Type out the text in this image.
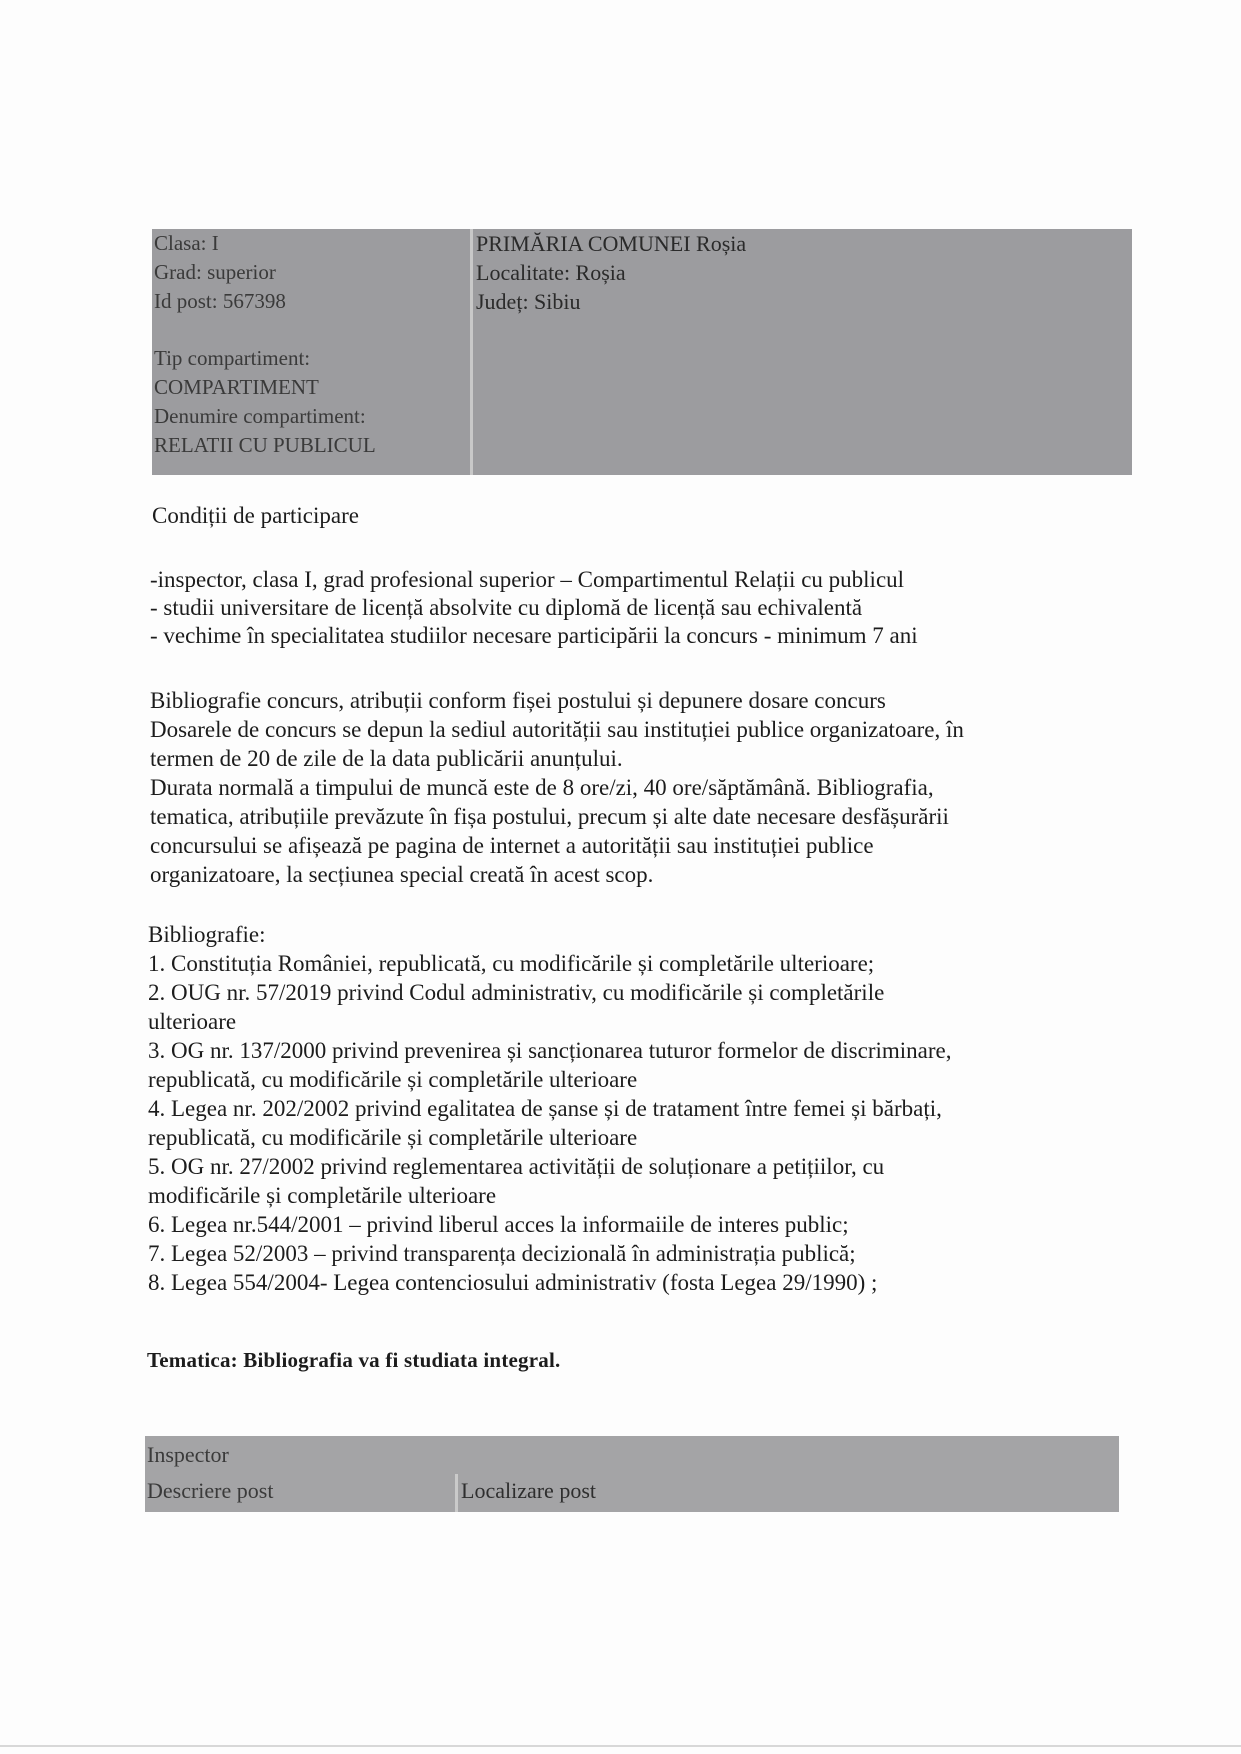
Clasa: I
Grad: superior
Id post: 567398
Tip compartiment:
COMPARTIMENT
Denumire compartiment:
RELATII CU PUBLICUL
PRIMĂRIA COMUNEI Roșia
Localitate: Roșia
Județ: Sibiu
Condiții de participare
-inspector, clasa I, grad profesional superior – Compartimentul Relații cu publicul
- studii universitare de licență absolvite cu diplomă de licență sau echivalentă
- vechime în specialitatea studiilor necesare participării la concurs - minimum 7 ani
Bibliografie concurs, atribuții conform fișei postului și depunere dosare concurs
Dosarele de concurs se depun la sediul autorității sau instituției publice organizatoare, în
termen de 20 de zile de la data publicării anunțului.
Durata normală a timpului de muncă este de 8 ore/zi, 40 ore/săptămână. Bibliografia,
tematica, atribuțiile prevăzute în fișa postului, precum și alte date necesare desfășurării
concursului se afișează pe pagina de internet a autorității sau instituției publice
organizatoare, la secțiunea special creată în acest scop.
Bibliografie:
1. Constituția României, republicată, cu modificările și completările ulterioare;
2. OUG nr. 57/2019 privind Codul administrativ, cu modificările și completările
ulterioare
3. OG nr. 137/2000 privind prevenirea și sancționarea tuturor formelor de discriminare,
republicată, cu modificările și completările ulterioare
4. Legea nr. 202/2002 privind egalitatea de șanse și de tratament între femei și bărbați,
republicată, cu modificările și completările ulterioare
5. OG nr. 27/2002 privind reglementarea activității de soluționare a petițiilor, cu
modificările și completările ulterioare
6. Legea nr.544/2001 – privind liberul acces la informaiile de interes public;
7. Legea 52/2003 – privind transparența decizională în administrația publică;
8. Legea 554/2004- Legea contenciosului administrativ (fosta Legea 29/1990) ;
Tematica: Bibliografia va fi studiata integral.
Inspector
Descriere post	Localizare post
